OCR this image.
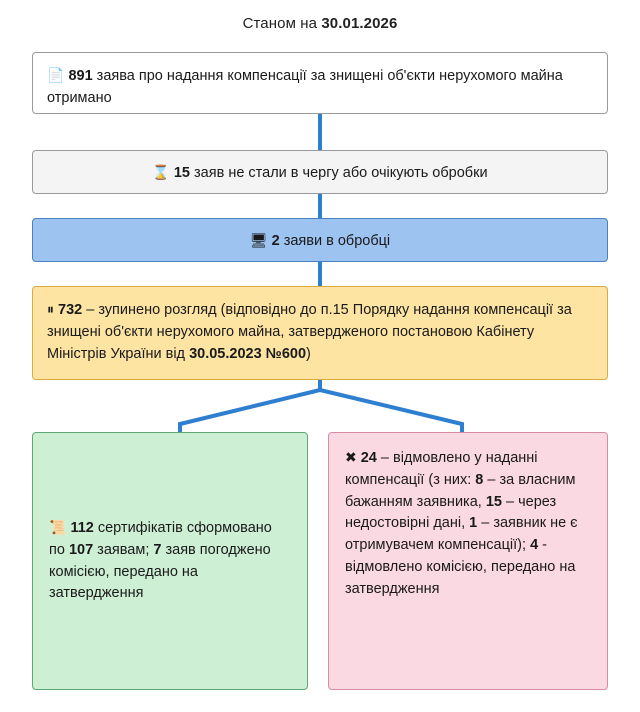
Станом на 30.01.2026
📄 891 заява про надання компенсації за знищені об'єкти нерухомого майна отримано
⌛ 15 заяв не стали в чергу або очікують обробки
🖥 2 заяви в обробці
⏸ 732 – зупинено розгляд (відповідно до п.15 Порядку надання компенсації за знищені об'єкти нерухомого майна, затвердженого постановою Кабінету Міністрів України від 30.05.2023 №600)
📜 112 сертифікатів сформовано по 107 заявам; 7 заяв погоджено комісією, передано на затвердження
✖ 24 – відмовлено у наданні компенсації (з них: 8 – за власним бажанням заявника, 15 – через недостовірні дані, 1 – заявник не є отримувачем компенсації); 4 - відмовлено комісією, передано на затвердження
